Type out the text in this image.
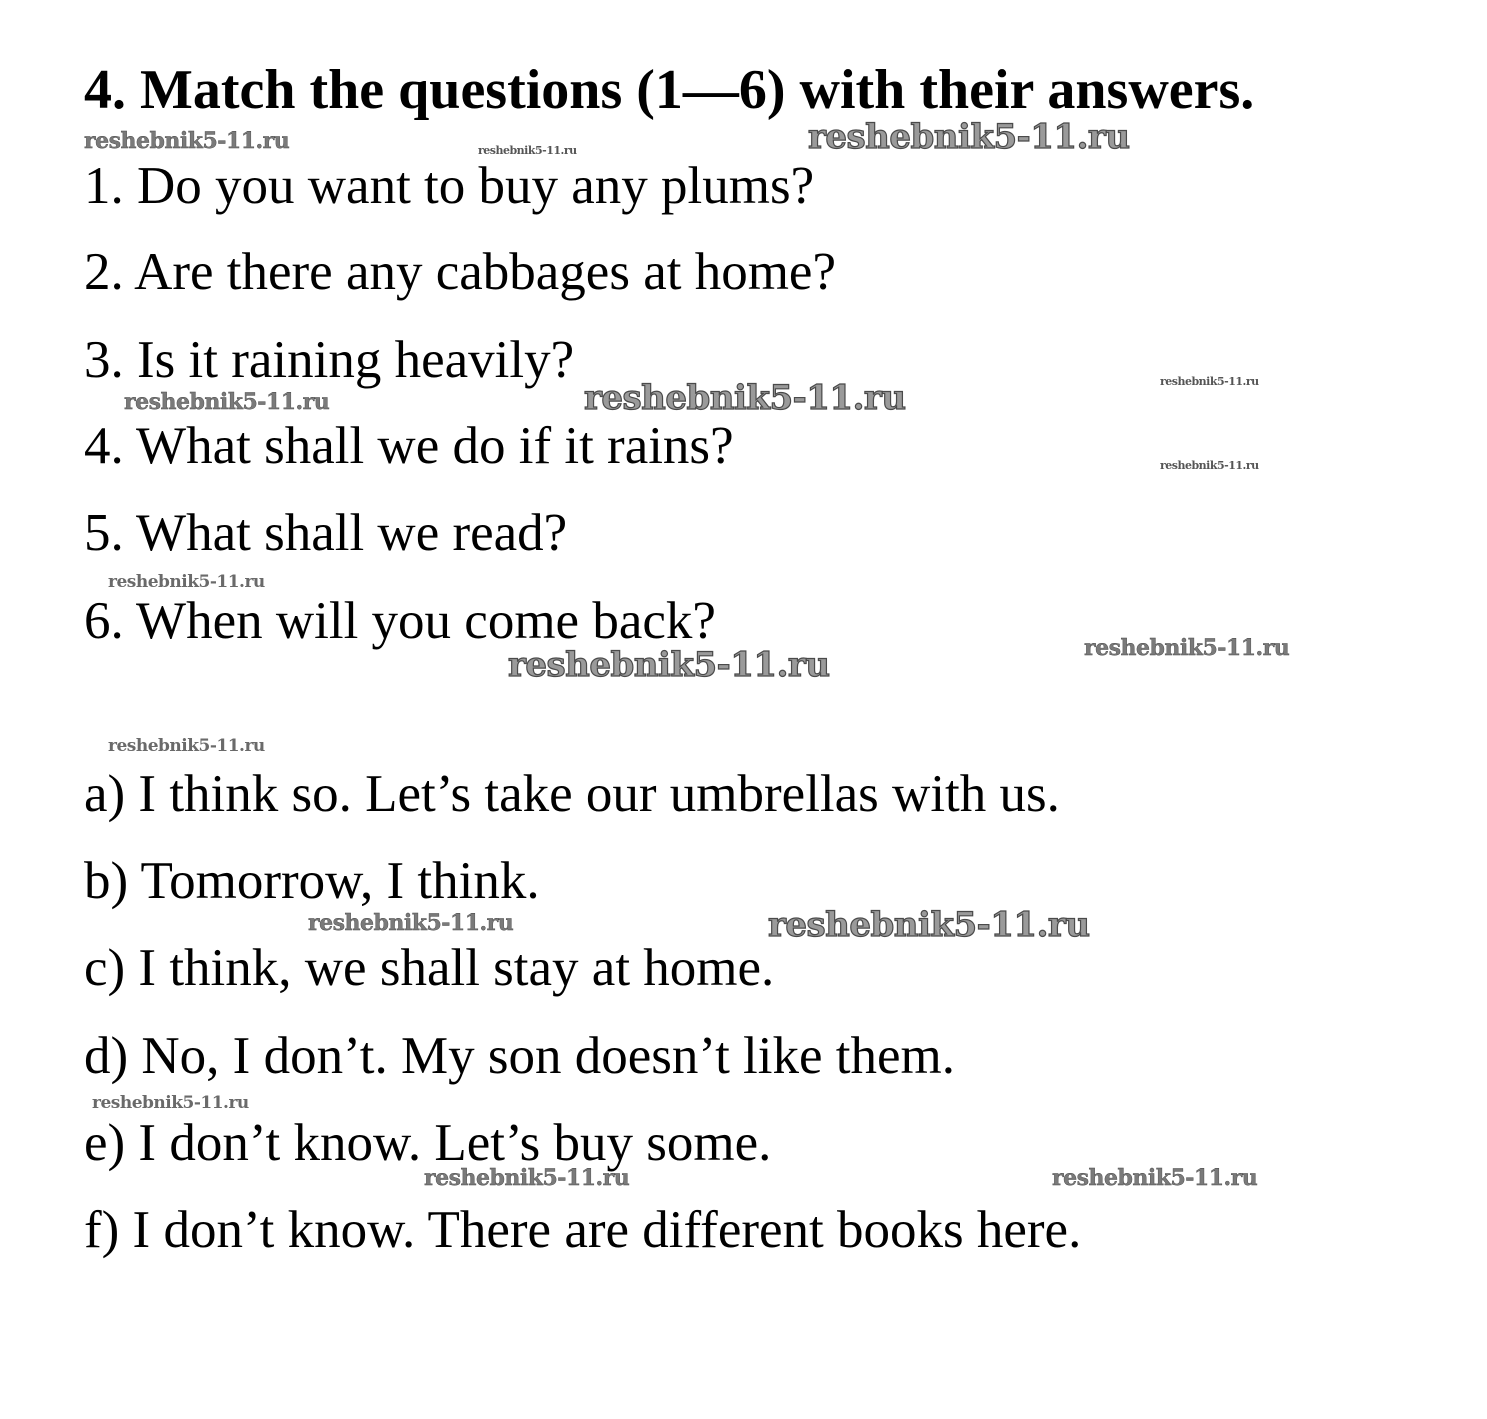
4. Match the questions (1—6) with their answers.
1. Do you want to buy any plums?
2. Are there any cabbages at home?
3. Is it raining heavily?
4. What shall we do if it rains?
5. What shall we read?
6. When will you come back?
a) I think so. Let’s take our umbrellas with us.
b) Tomorrow, I think.
c) I think, we shall stay at home.
d) No, I don’t. My son doesn’t like them.
e) I don’t know. Let’s buy some.
f) I don’t know. There are different books here.
reshebnik5-11.ru	reshebnik5-11.ru	reshebnik5-11.ru
reshebnik5-11.ru	reshebnik5-11.ru	reshebnik5-11.ru
reshebnik5-11.ru
reshebnik5-11.ru
reshebnik5-11.ru
reshebnik5-11.ru
reshebnik5-11.ru
reshebnik5-11.ru	reshebnik5-11.ru
reshebnik5-11.ru
reshebnik5-11.ru	reshebnik5-11.ru
